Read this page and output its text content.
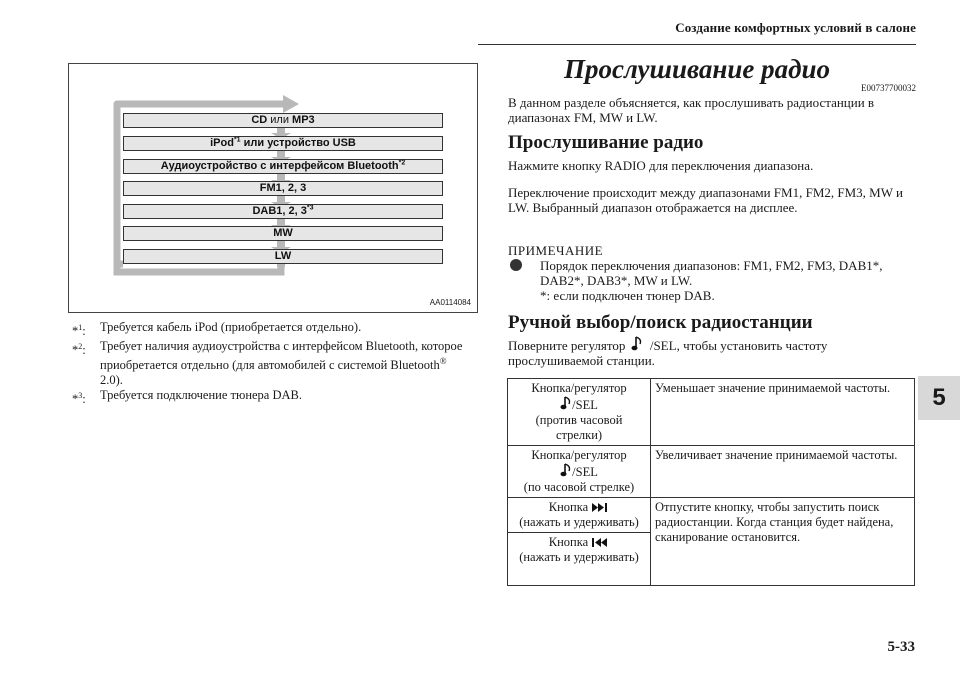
Создание комфортных условий в салоне
5
5-33
CD или MP3
iPod$^{*1}$ или устройство USB
Аудиоустройство с интерфейсом Bluetooth$^{*2}$
FM1, 2, 3
DAB1, 2, 3$^{*3}$
MW
LW
AA0114084
*$^1$:	Требуется кабель iPod (приобретается отдельно).
*$^2$:	Требует наличия аудиоустройства с интерфейсом Bluetooth, которое приобретается отдельно (для автомобилей с системой Bluetooth® 2.0).
*$^3$:	Требуется подключение тюнера DAB.
Прослушивание радио
E00737700032
В данном разделе объясняется, как прослушивать радиостанции в диапазонах FM, MW и LW.
Прослушивание радио
Нажмите кнопку RADIO для переключения диапазона.
Переключение происходит между диапазонами FM1, FM2, FM3, MW и LW. Выбранный диапазон отображается на дисплее.
ПРИМЕЧАНИЕ
Порядок переключения диапазонов: FM1, FM2, FM3, DAB1*, DAB2*, DAB3*, MW и LW.
*: если подключен тюнер DAB.
Ручной выбор/поиск радиостанции
Поверните регулятор /SEL, чтобы установить частоту прослушиваемой станции.
Кнопка/регулятор
/SEL
(против часовой стрелки)	Уменьшает значение принимаемой частоты.

Кнопка/регулятор
/SEL
(по часовой стрелке)	Увеличивает значение принимаемой частоты.

Кнопка
(нажать и удерживать)	Отпустите кнопку, чтобы запустить поиск радиостанции. Когда станция будет найдена, сканирование остановится.

Кнопка
(нажать и удерживать)	
